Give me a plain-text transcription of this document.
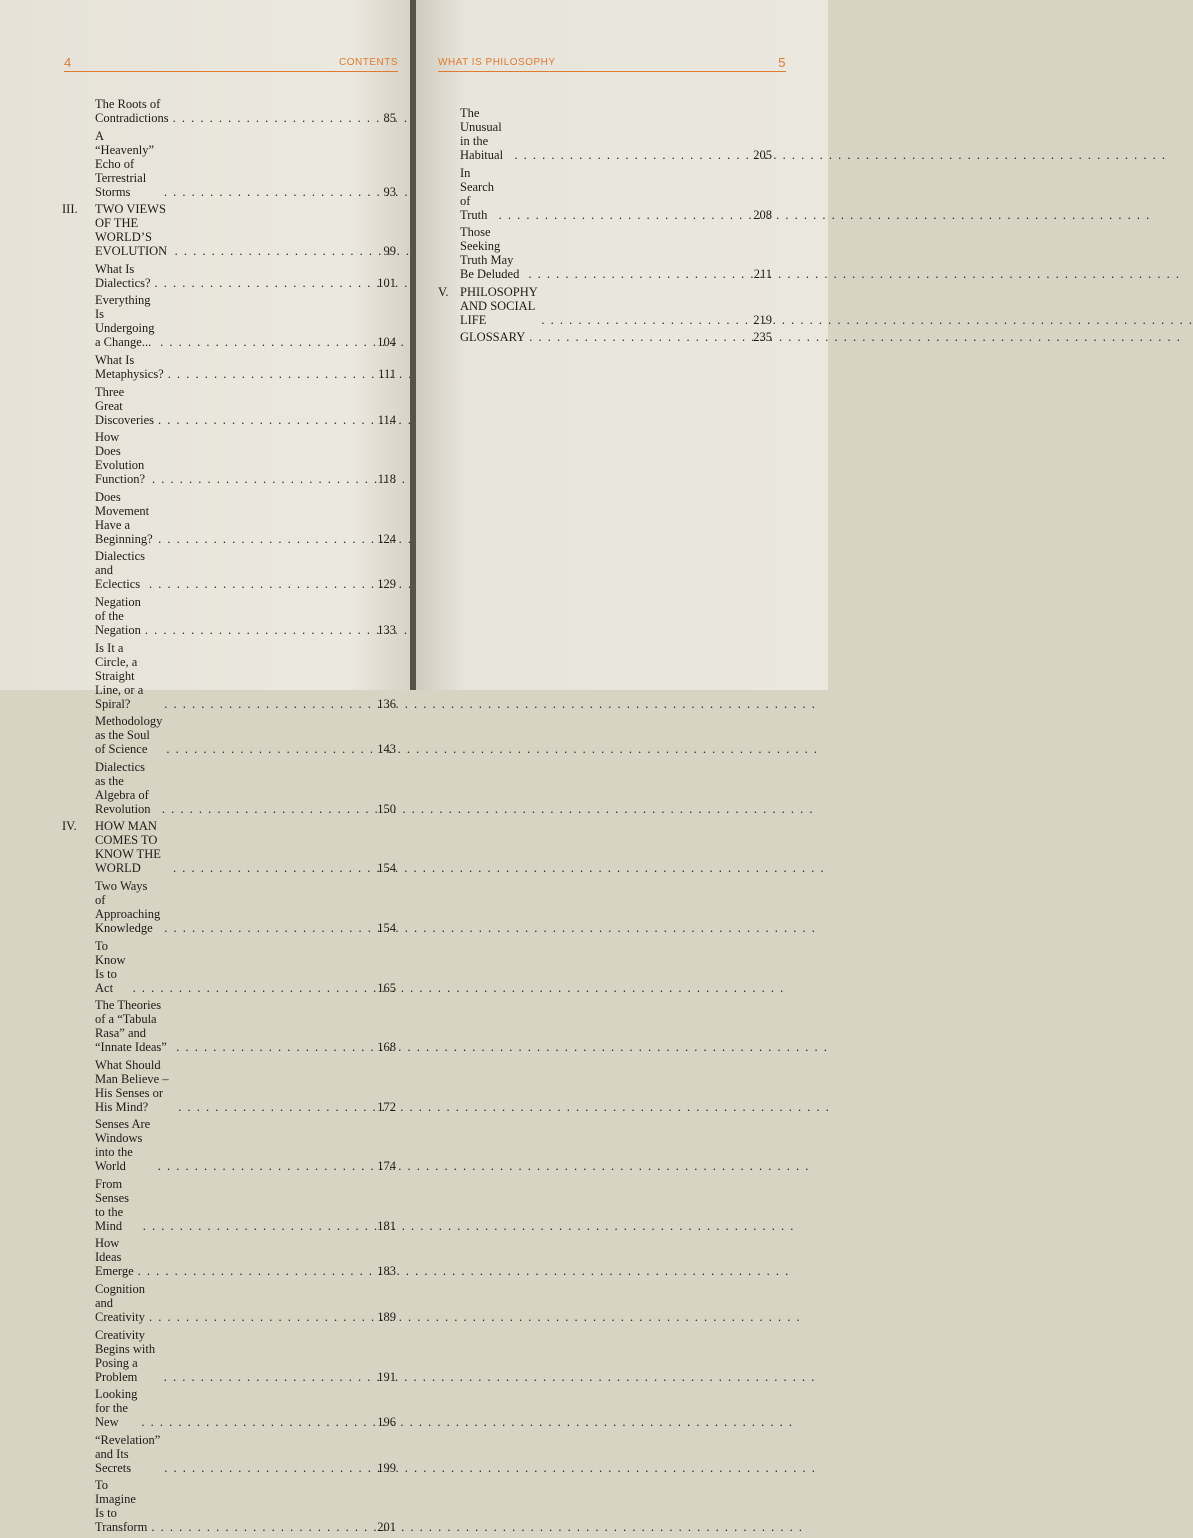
4	CONTENTS
The Roots of Contradictions . . .	85
A “Heavenly” Echo of Terrestrial Storms . . .	93
III.	TWO VIEWS OF THE WORLD’S EVOLUTION . . .	99
What Is Dialectics? . . .	101
Everything Is Undergoing a Change... . . .	104
What Is Metaphysics? . . .	111
Three Great Discoveries . . .	114
How Does Evolution Function? . . .	118
Does Movement Have a Beginning? . . .	124
Dialectics and Eclectics . . .	129
Negation of the Negation . . .	133
Is It a Circle, a Straight Line, or a Spiral? . . .	136
Methodology as the Soul of Science . . .	143
Dialectics as the Algebra of Revolution . . .	150
IV.	HOW MAN COMES TO KNOW THE WORLD . . .	154
Two Ways of Approaching Knowledge . . .	154
To Know Is to Act . . .	165
The Theories of a “Tabula Rasa” and “Innate Ideas” . . .	168
What Should Man Believe – His Senses or His Mind? . . .	172
Senses Are Windows into the World . . .	174
From Senses to the Mind . . .	181
How Ideas Emerge . . .	183
Cognition and Creativity . . .	189
Creativity Begins with Posing a Problem . . .	191
Looking for the New . . .	196
“Revelation” and Its Secrets . . .	199
To Imagine Is to Transform . . .	201
WHAT IS PHILOSOPHY	5
The Unusual in the Habitual . . .	205
In Search of Truth . . .	208
Those Seeking Truth May Be Deluded . . .	211
V. PHILOSOPHY AND SOCIAL LIFE . . .	219
GLOSSARY . . .	235
